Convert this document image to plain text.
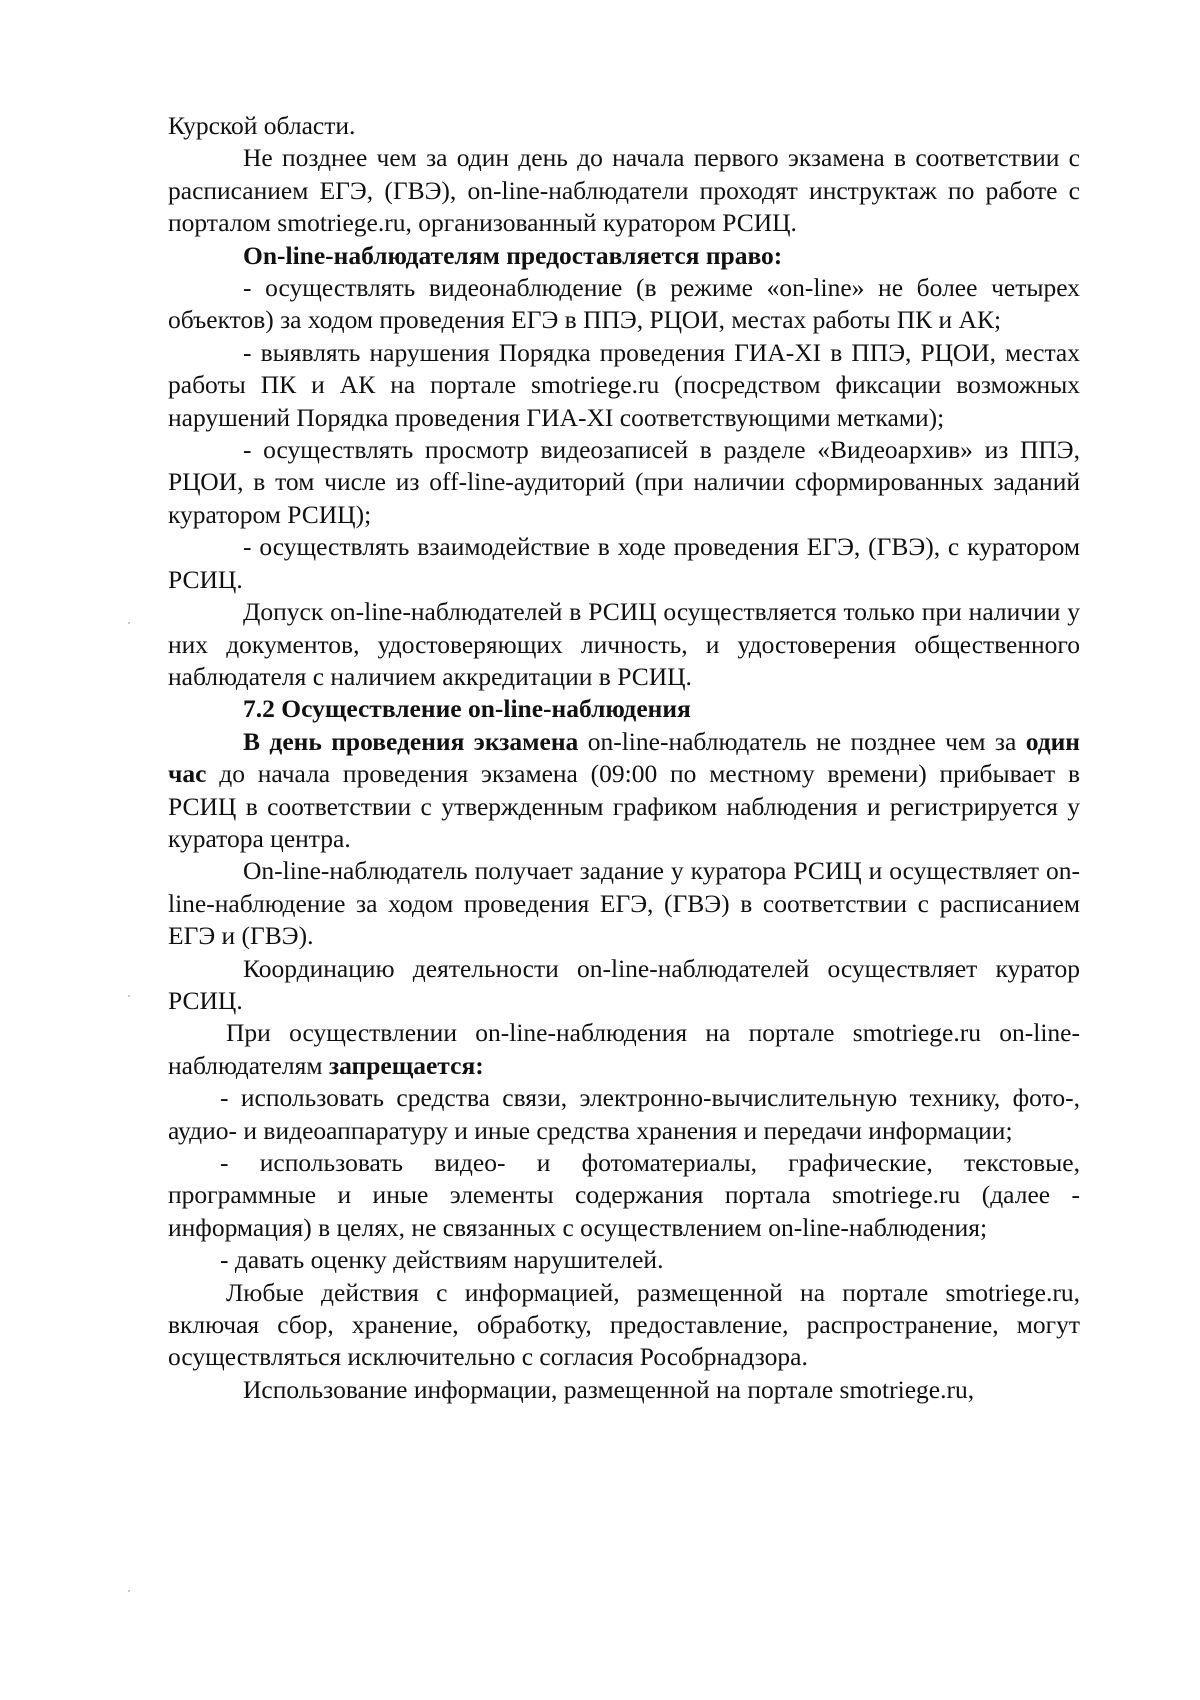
Курской области.

Не позднее чем за один день до начала первого экзамена в соответствии с расписанием ЕГЭ, (ГВЭ), on-line-наблюдатели проходят инструктаж по работе с порталом smotriege.ru, организованный куратором РСИЦ.

On-line-наблюдателям предоставляется право:

- осуществлять видеонаблюдение (в режиме «on-line» не более четырех объектов) за ходом проведения ЕГЭ в ППЭ, РЦОИ, местах работы ПК и АК;

- выявлять нарушения Порядка проведения ГИА-XI в ППЭ, РЦОИ, местах работы ПК и АК на портале smotriege.ru (посредством фиксации возможных нарушений Порядка проведения ГИА-XI соответствующими метками);

- осуществлять просмотр видеозаписей в разделе «Видеоархив» из ППЭ, РЦОИ, в том числе из off-line-аудиторий (при наличии сформированных заданий куратором РСИЦ);

- осуществлять взаимодействие в ходе проведения ЕГЭ, (ГВЭ), с куратором РСИЦ.

Допуск on-line-наблюдателей в РСИЦ осуществляется только при наличии у них документов, удостоверяющих личность, и удостоверения общественного наблюдателя с наличием аккредитации в РСИЦ.

7.2 Осуществление on-line-наблюдения

В день проведения экзамена on-line-наблюдатель не позднее чем за один час до начала проведения экзамена (09:00 по местному времени) прибывает в РСИЦ в соответствии с утвержденным графиком наблюдения и регистрируется у куратора центра.

On-line-наблюдатель получает задание у куратора РСИЦ и осуществляет on-line-наблюдение за ходом проведения ЕГЭ, (ГВЭ) в соответствии с расписанием ЕГЭ и (ГВЭ).

Координацию деятельности on-line-наблюдателей осуществляет куратор РСИЦ.

При осуществлении on-line-наблюдения на портале smotriege.ru on-line- наблюдателям запрещается:

- использовать средства связи, электронно-вычислительную технику, фото-, аудио- и видеоаппаратуру и иные средства хранения и передачи информации;

- использовать видео- и фотоматериалы, графические, текстовые, программные и иные элементы содержания портала smotriege.ru (далее - информация) в целях, не связанных с осуществлением on-line-наблюдения;

- давать оценку действиям нарушителей.

Любые действия с информацией, размещенной на портале smotriege.ru, включая сбор, хранение, обработку, предоставление, распространение, могут осуществляться исключительно с согласия Рособрнадзора.

Использование информации, размещенной на портале smotriege.ru,
